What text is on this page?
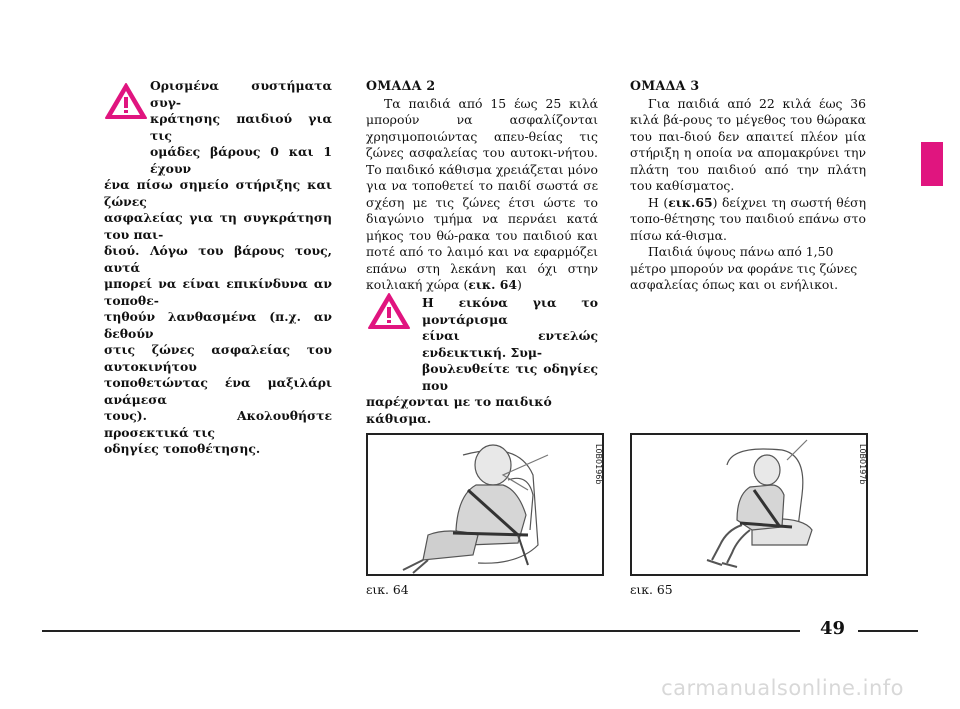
Ορισμένα συστήματα συγ-

κράτησης παιδιού για τις

ομάδες βάρους 0 και 1 έχουν

ένα πίσω σημείο στήριξης και ζώνες

ασφαλείας για τη συγκράτηση του παι-

διού. Λόγω του βάρους τους, αυτά

μπορεί να είναι επικίνδυνα αν τοποθε-

τηθούν λανθασμένα (π.χ. αν δεθούν

στις ζώνες ασφαλείας του αυτοκινήτου

τοποθετώντας ένα μαξιλάρι ανάμεσα

τους). Ακολουθήστε προσεκτικά τις

οδηγίες τοποθέτησης.

ΟΜΑΔΑ 2

Τα παιδιά από 15 έως 25 κιλά μπορούν να ασφαλίζονται χρησιμοποιώντας απευ-θείας τις ζώνες ασφαλείας του αυτοκι-νήτου. Το παιδικό κάθισμα χρειάζεται μόνο για να τοποθετεί το παιδί σωστά σε σχέση με τις ζώνες έτσι ώστε το διαγώνιο τμήμα να περνάει κατά μήκος του θώ-ρακα του παιδιού και ποτέ από το λαιμό και να εφαρμόζει επάνω στη λεκάνη και όχι στην κοιλιακή χώρα (εικ. 64)

Η εικόνα για το μοντάρισμα

είναι εντελώς ενδεικτική. Συμ-

βουλευθείτε τις οδηγίες που

παρέχονται με το παιδικό κάθισμα.

ΟΜΑΔΑ 3

Για παιδιά από 22 κιλά έως 36 κιλά βά-ρους το μέγεθος του θώρακα του παι-διού δεν απαιτεί πλέον μία στήριξη η οποία να απομακρύνει την πλάτη του παιδιού από την πλάτη του καθίσματος.

Η (εικ.65) δείχνει τη σωστή θέση τοπο-θέτησης του παιδιού επάνω στο πίσω κά-θισμα.

Παιδιά ύψους πάνω από 1,50 μέτρο μπορούν να φοράνε τις ζώνες ασφαλείας όπως και οι ενήλικοι.

L0B0196b
εικ. 64
L0B0197b
εικ. 65
49
carmanualsonline.info
